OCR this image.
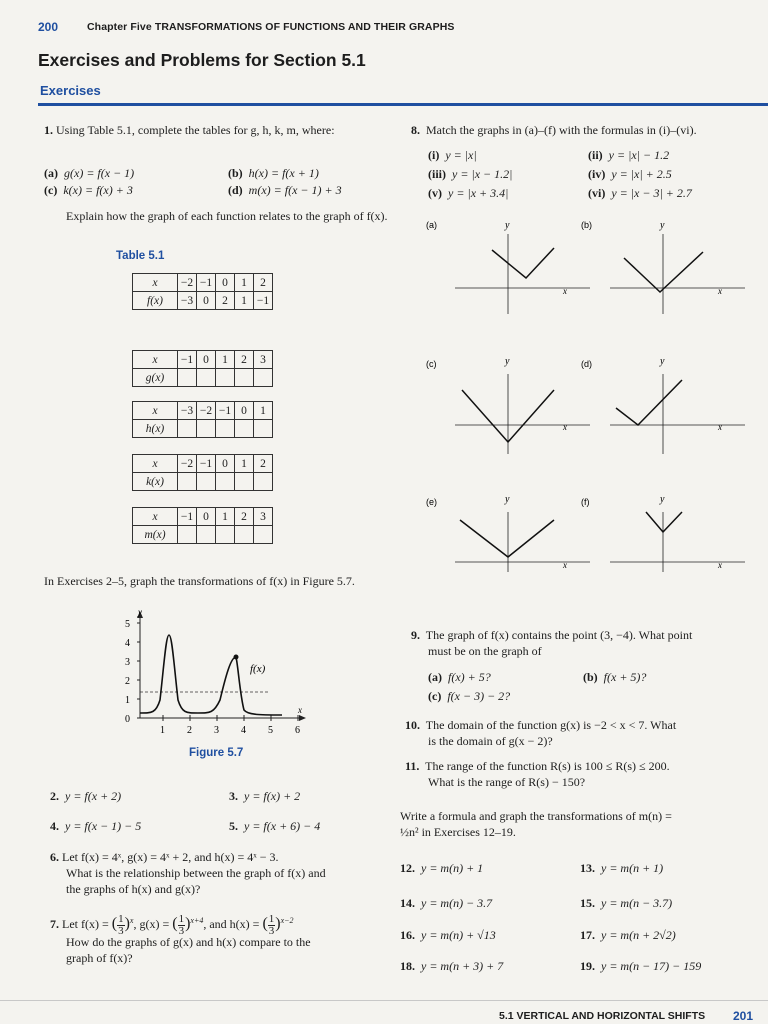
200	Chapter Five TRANSFORMATIONS OF FUNCTIONS AND THEIR GRAPHS
Exercises and Problems for Section 5.1
Exercises
1. Using Table 5.1, complete the tables for g, h, k, m, where:
(a) g(x) = f(x − 1)	(b) h(x) = f(x + 1)
(c) k(x) = f(x) + 3	(d) m(x) = f(x − 1) + 3
Explain how the graph of each function relates to the graph of f(x).
Table 5.1
x	−2	−1	0	1	2
f(x)	−3	0	2	1	−1
x	−1	0	1	2	3
g(x)					
x	−3	−2	−1	0	1
h(x)					
x	−2	−1	0	1	2
k(x)					
x	−1	0	1	2	3
m(x)					
In Exercises 2–5, graph the transformations of f(x) in Figure 5.7.
y
x
5
4
3
2
1
0
1 2 3 4 5 6
f(x)
Figure 5.7
2. y = f(x + 2)	3. y = f(x) + 2
4. y = f(x − 1) − 5	5. y = f(x + 6) − 4
6. Let f(x) = 4ˣ, g(x) = 4ˣ + 2, and h(x) = 4ˣ − 3.
What is the relationship between the graph of f(x) and
the graphs of h(x) and g(x)?
7. Let $f(x) = (\frac{1}{3})^x$, $g(x) = (\frac{1}{3})^{x+4}$, and $h(x) = (\frac{1}{3})^{x-2}$
How do the graphs of g(x) and h(x) compare to the
graph of f(x)?
8. Match the graphs in (a)–(f) with the formulas in (i)–(vi).
(i) y = |x|	(ii) y = |x| − 1.2
(iii) y = |x − 1.2|	(iv) y = |x| + 2.5
(v) y = |x + 3.4|	(vi) y = |x − 3| + 2.7
(a)	y
x
(b)	y
x
(c)	y
x
(d)	y
x
(e)	y
x
(f)	y
x
9. The graph of f(x) contains the point (3, −4). What point
must be on the graph of
(a) f(x) + 5?	(b) f(x + 5)?
(c) f(x − 3) − 2?
10. The domain of the function g(x) is −2 < x < 7. What
is the domain of g(x − 2)?
11. The range of the function R(s) is 100 ≤ R(s) ≤ 200.
What is the range of R(s) − 150?
Write a formula and graph the transformations of m(n) =
½n² in Exercises 12–19.
12. y = m(n) + 1	13. y = m(n + 1)
14. y = m(n) − 3.7	15. y = m(n − 3.7)
16. y = m(n) + √13	17. y = m(n + 2√2)
18. y = m(n + 3) + 7	19. y = m(n − 17) − 159
5.1 VERTICAL AND HORIZONTAL SHIFTS 201
